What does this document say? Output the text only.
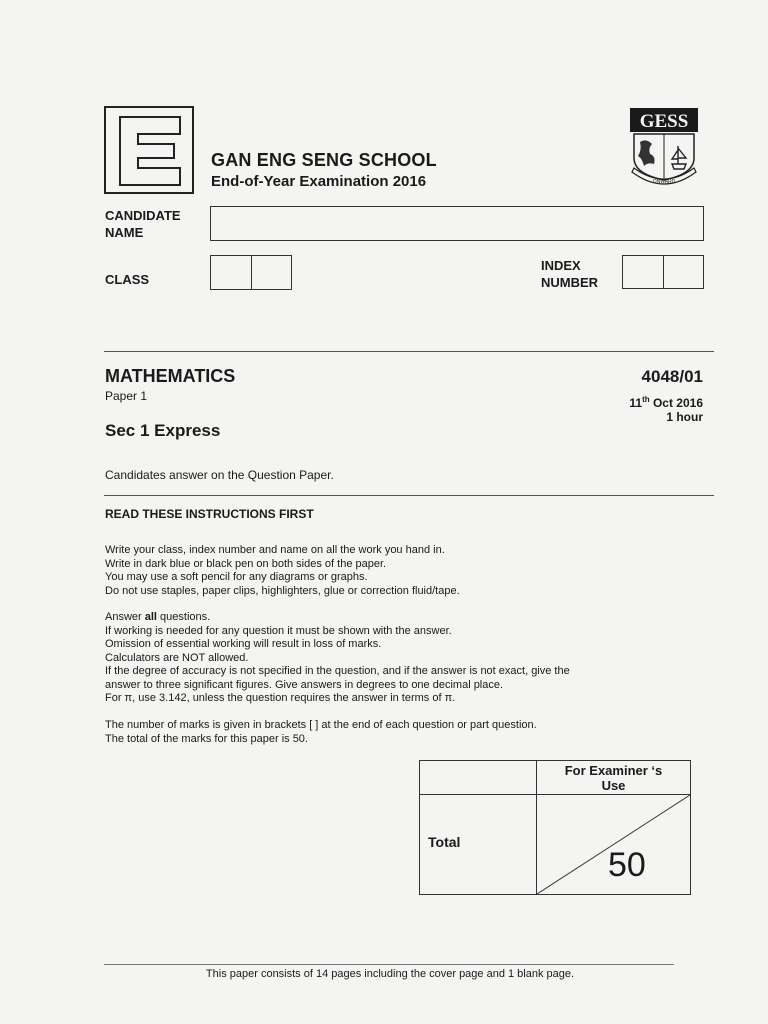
GAN ENG SENG SCHOOL
End-of-Year Examination 2016
GESS
ONWARD
CANDIDATE
NAME
CLASS
INDEX
NUMBER
MATHEMATICS
Paper 1
Sec 1 Express
4048/01
11th Oct 2016
1 hour
Candidates answer on the Question Paper.
READ THESE INSTRUCTIONS FIRST
Write your class, index number and name on all the work you hand in.
Write in dark blue or black pen on both sides of the paper.
You may use a soft pencil for any diagrams or graphs.
Do not use staples, paper clips, highlighters, glue or correction fluid/tape.
Answer all questions.
If working is needed for any question it must be shown with the answer.
Omission of essential working will result in loss of marks.
Calculators are NOT allowed.
If the degree of accuracy is not specified in the question, and if the answer is not exact, give the
answer to three significant figures. Give answers in degrees to one decimal place.
For π, use 3.142, unless the question requires the answer in terms of π.
The number of marks is given in brackets [ ] at the end of each question or part question.
The total of the marks for this paper is 50.
For Examiner ‘s
Use
Total
50
This paper consists of 14 pages including the cover page and 1 blank page.
